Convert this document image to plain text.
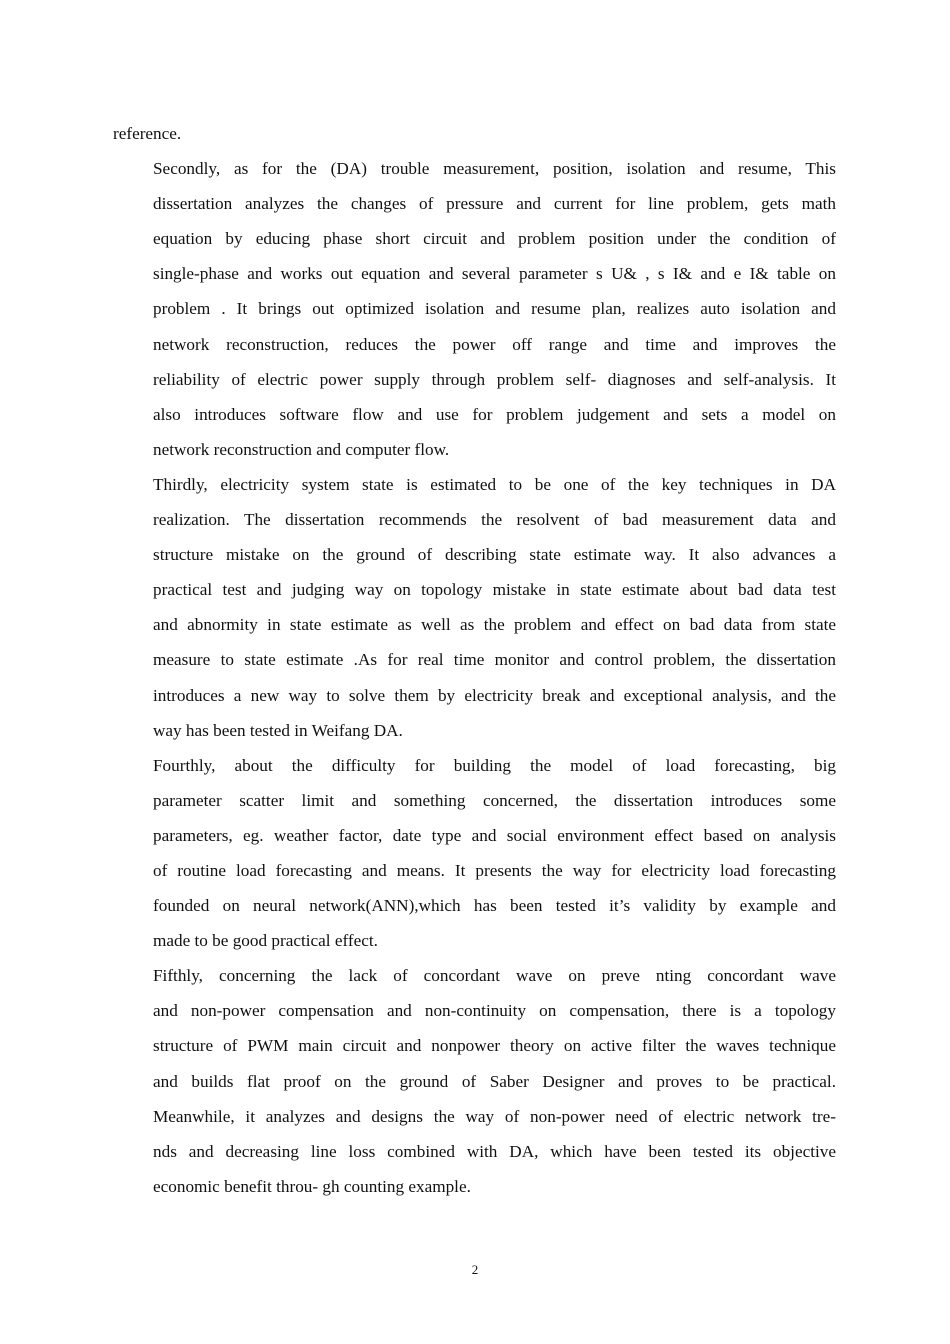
reference.

Secondly, as for the (DA) trouble measurement, position, isolation and resume, This
dissertation analyzes the changes of pressure and current for line problem, gets math
equation by educing phase short circuit and problem position under the condition of
single-phase and works out equation and several parameter s U& , s I& and e I& table on
problem . It brings out optimized isolation and resume plan, realizes auto isolation and
network reconstruction, reduces the power off range and time and improves the
reliability of electric power supply through problem self- diagnoses and self-analysis. It
also introduces software flow and use for problem judgement and sets a model on
network reconstruction and computer flow.

Thirdly, electricity system state is estimated to be one of the key techniques in DA
realization. The dissertation recommends the resolvent of bad measurement data and
structure mistake on the ground of describing state estimate way. It also advances a
practical test and judging way on topology mistake in state estimate about bad data test
and abnormity in state estimate as well as the problem and effect on bad data from state
measure to state estimate .As for real time monitor and control problem, the dissertation
introduces a new way to solve them by electricity break and exceptional analysis, and the
way has been tested in Weifang DA.

Fourthly, about the difficulty for building the model of load forecasting, big
parameter scatter limit and something concerned, the dissertation introduces some
parameters, eg. weather factor, date type and social environment effect based on analysis
of routine load forecasting and means. It presents the way for electricity load forecasting
founded on neural network(ANN),which has been tested it’s validity by example and
made to be good practical effect.

Fifthly, concerning the lack of concordant wave on preve nting concordant wave
and non-power compensation and non-continuity on compensation, there is a topology
structure of PWM main circuit and nonpower theory on active filter the waves technique
and builds flat proof on the ground of Saber Designer and proves to be practical.
Meanwhile, it analyzes and designs the way of non-power need of electric network tre-
nds and decreasing line loss combined with DA, which have been tested its objective
economic benefit throu- gh counting example.

2
